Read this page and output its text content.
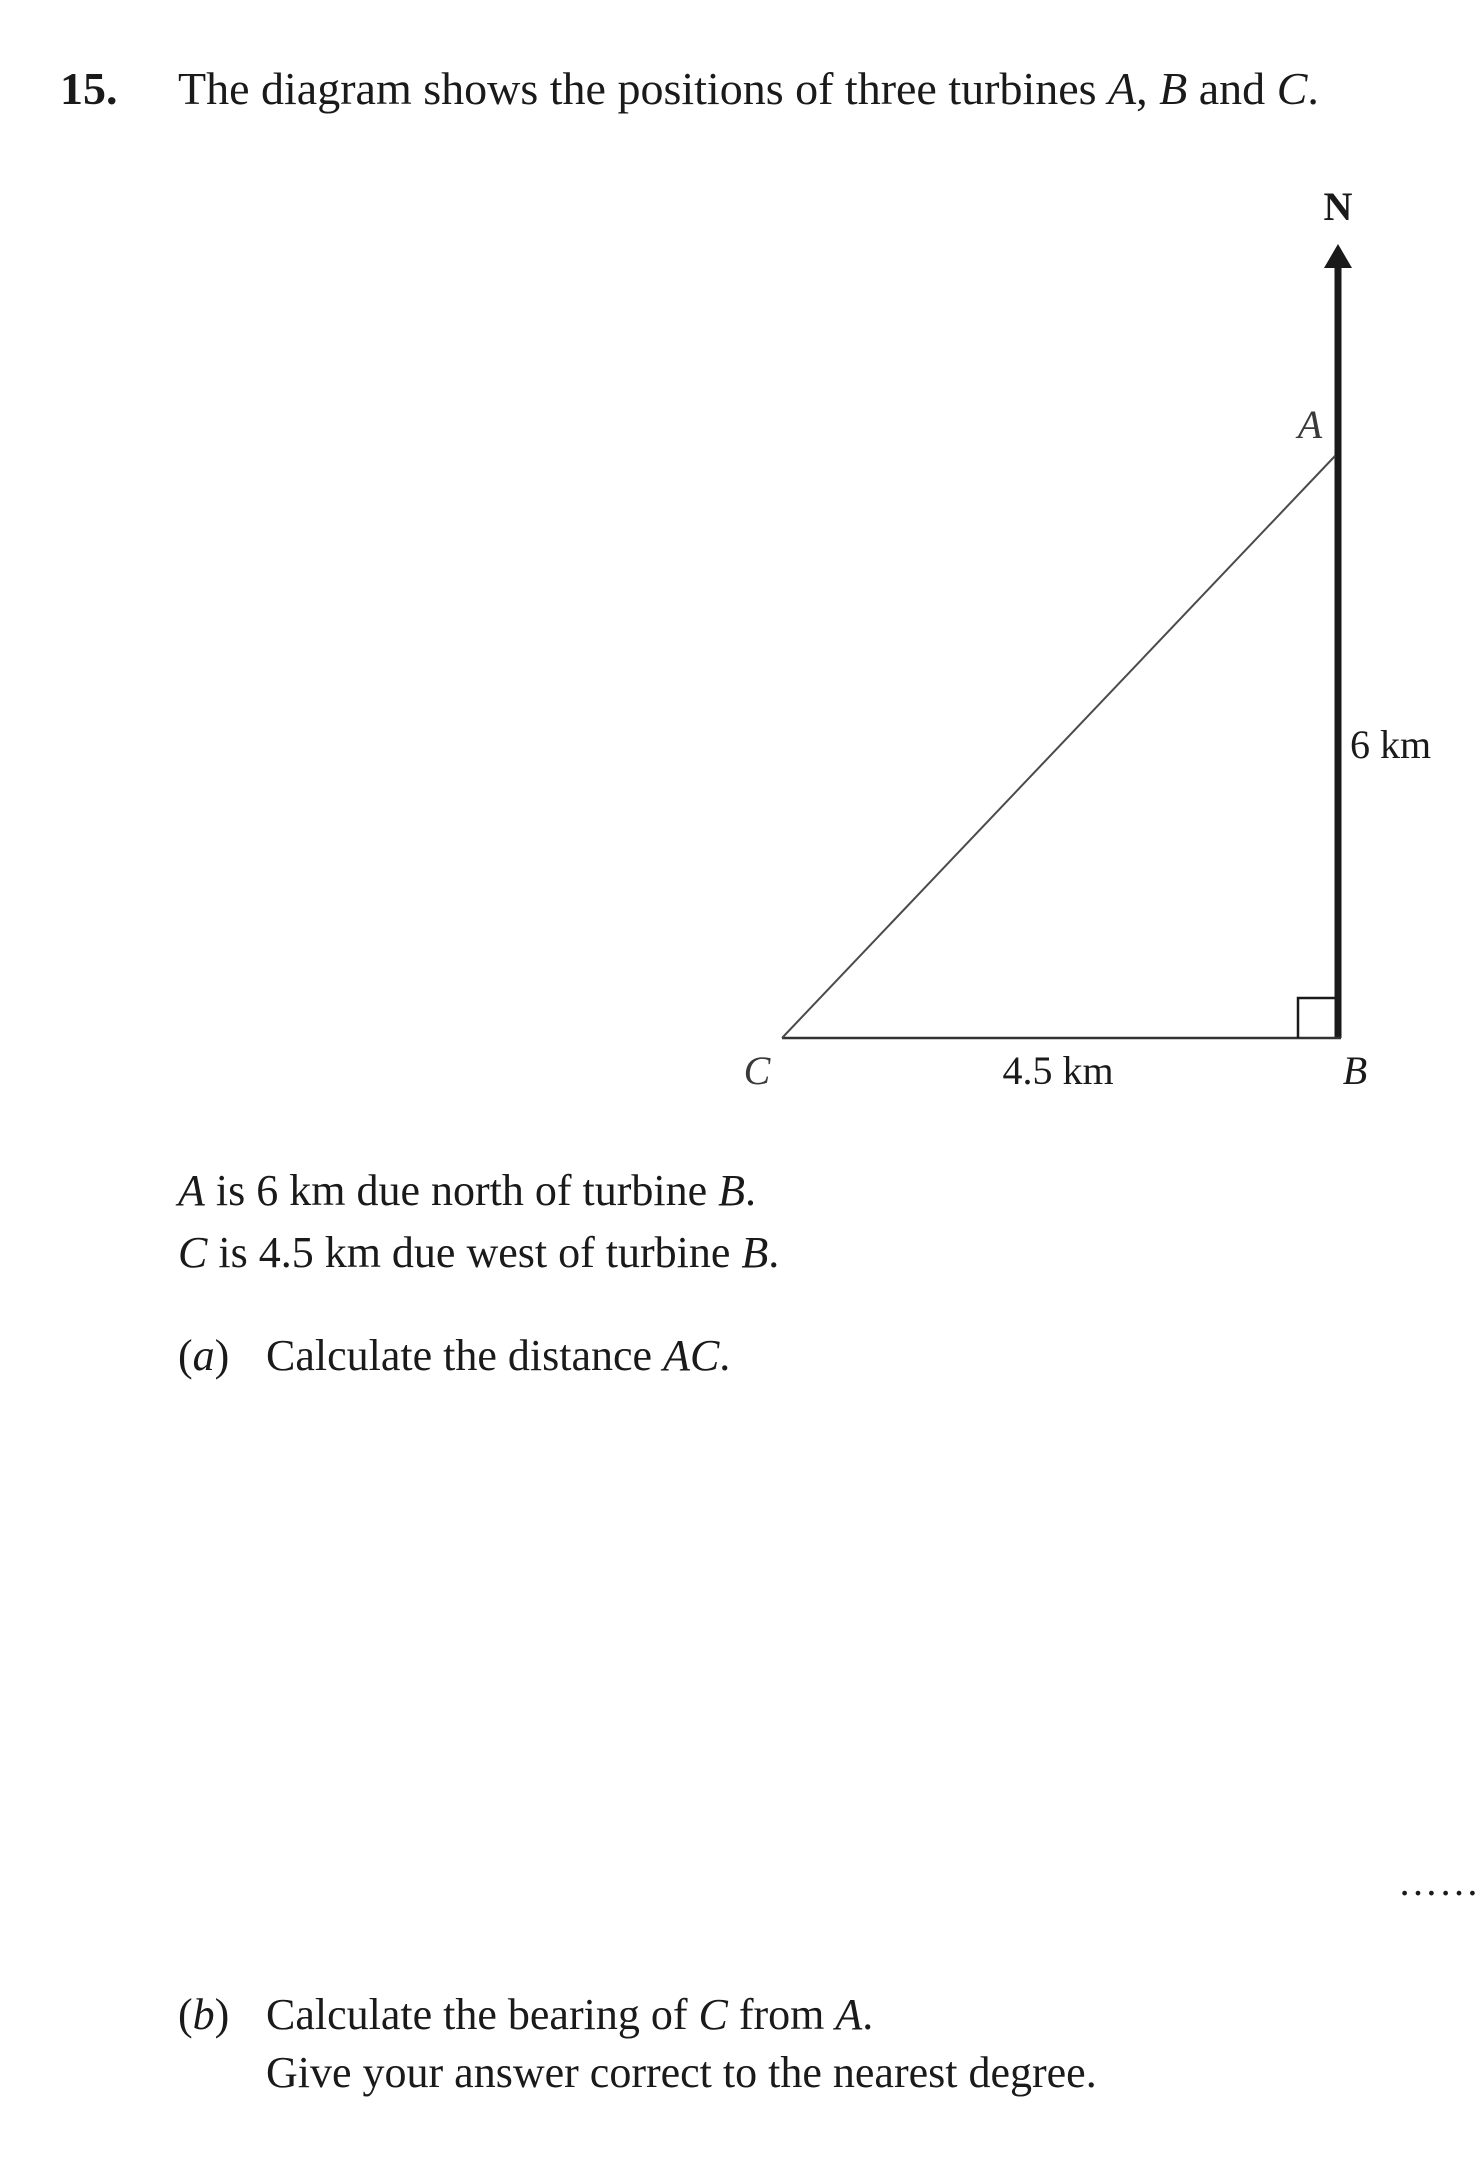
15. The diagram shows the positions of three turbines A, B and C.
N
A
6 km
C	4.5 km	B
A is 6 km due north of turbine B.
C is 4.5 km due west of turbine B.
(a) Calculate the distance AC.
……
(b) Calculate the bearing of C from A.
Give your answer correct to the nearest degree.
